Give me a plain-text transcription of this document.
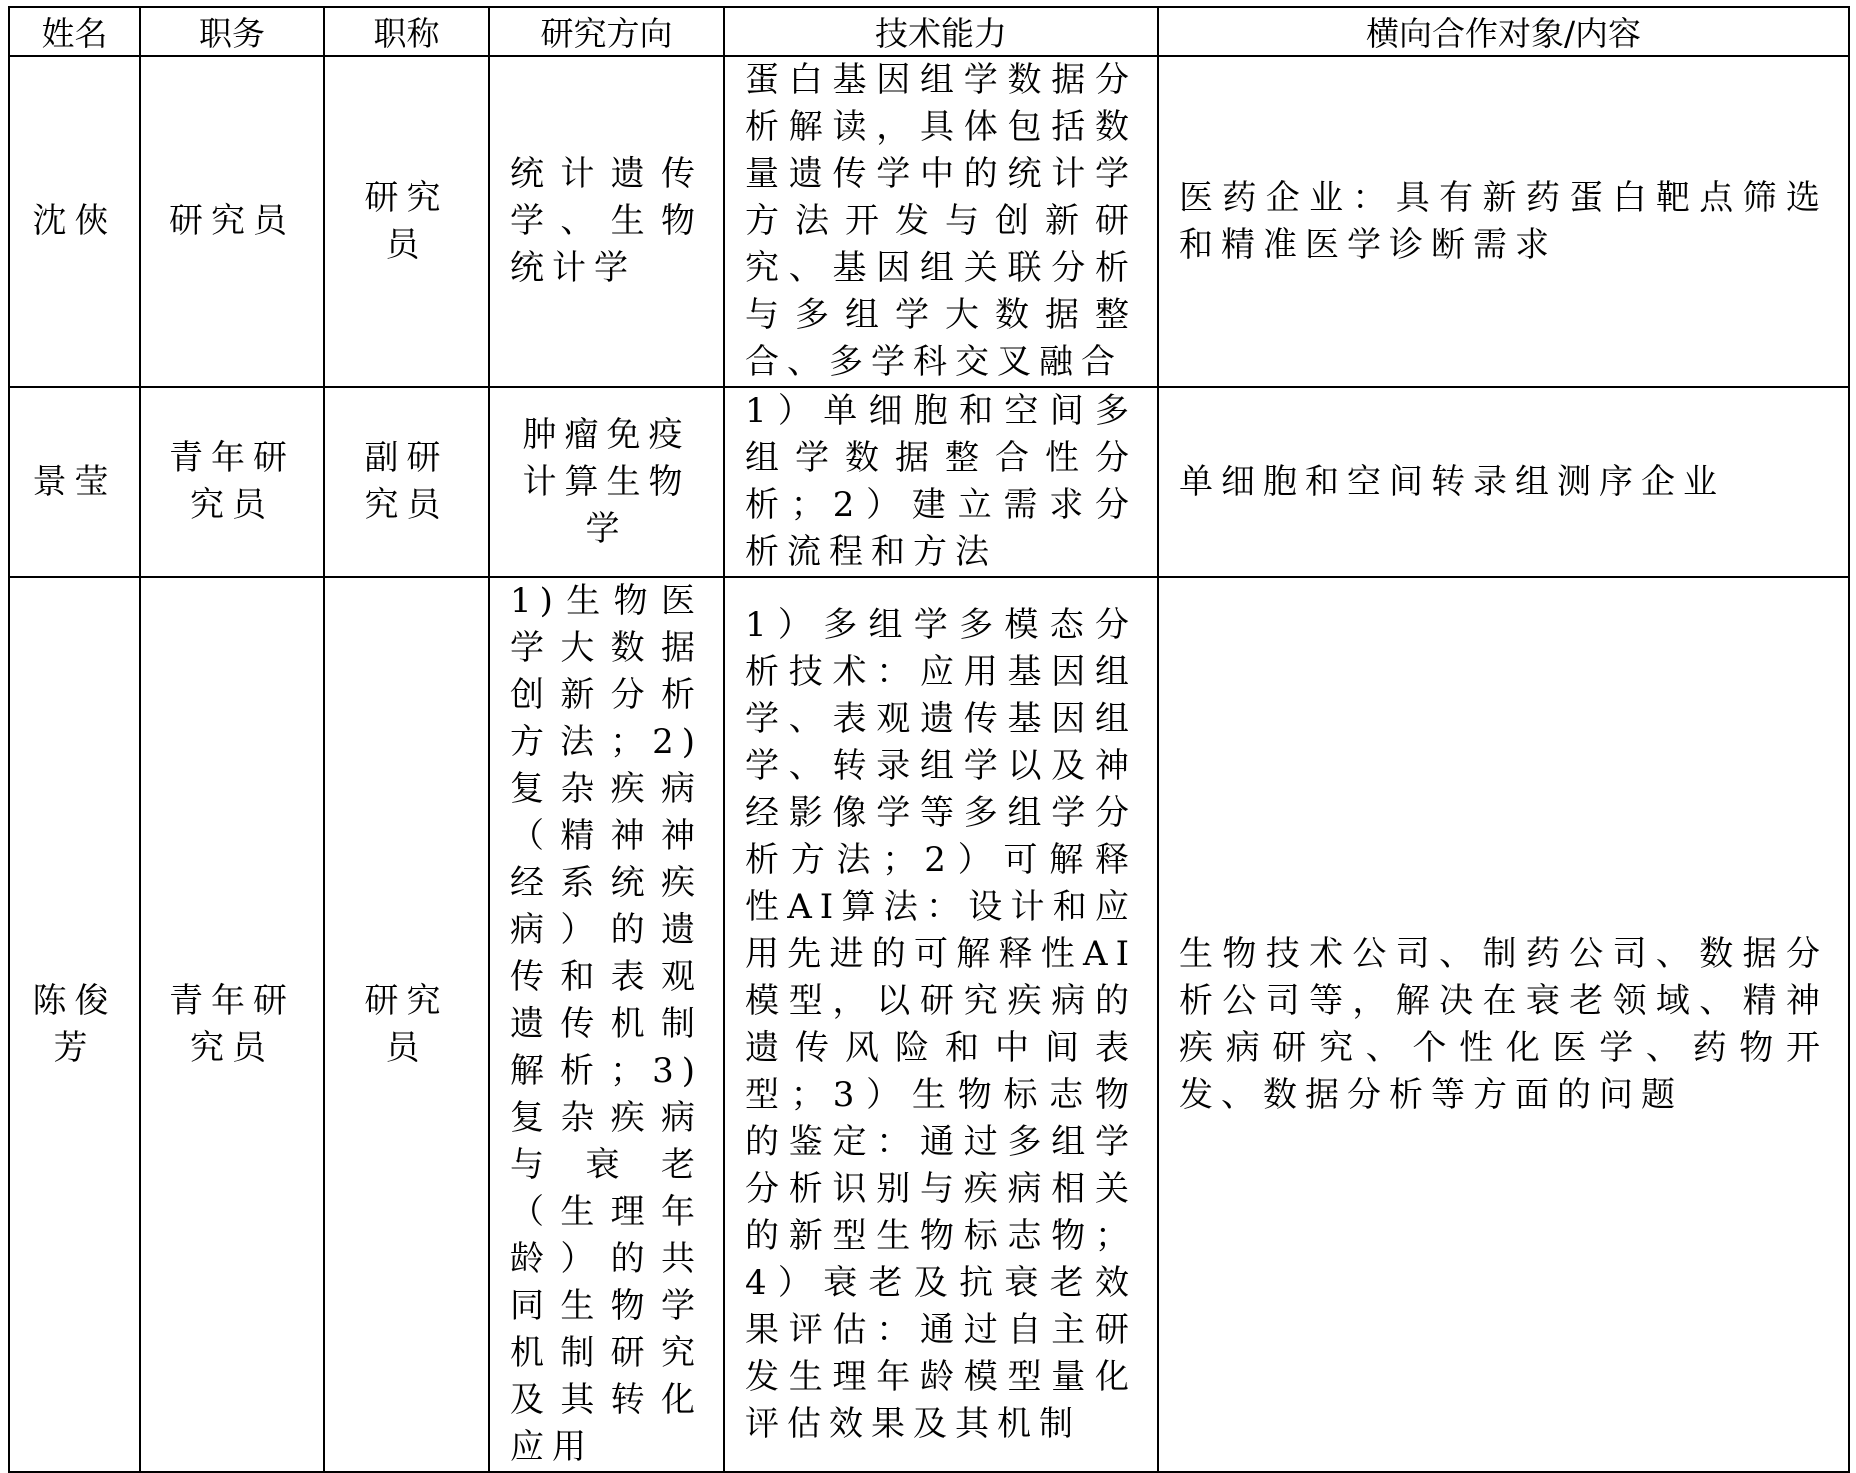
姓名	职务	职称	研究方向	技术能力	横向合作对象/内容
沈俠	研究员	研究员	统计遗传学、生物统计学	蛋白基因组学数据分析解读，具体包括数量遗传学中的统计学方法开发与创新研究、基因组关联分析与多组学大数据整合、多学科交叉融合	医药企业：具有新药蛋白靶点筛选和精准医学诊断需求
景莹	青年研究员	副研究员	肿瘤免疫计算生物学	1）单细胞和空间多组学数据整合性分析；2）建立需求分析流程和方法	单细胞和空间转录组测序企业
陈俊芳	青年研究员	研究员	1)生物医学大数据创新分析方法；2)复杂疾病（精神神经系统疾病）的遗传和表观遗传机制解析；3)复杂疾病与衰老（生理年龄）的共同生物学机制研究及其转化应用	1）多组学多模态分析技术：应用基因组学、表观遗传基因组学、转录组学以及神经影像学等多组学分析方法；2）可解释性AI算法：设计和应用先进的可解释性AI模型，以研究疾病的遗传风险和中间表型；3）生物标志物的鉴定：通过多组学分析识别与疾病相关的新型生物标志物；4）衰老及抗衰老效果评估：通过自主研发生理年龄模型量化评估效果及其机制	生物技术公司、制药公司、数据分析公司等，解决在衰老领域、精神疾病研究、个性化医学、药物开发、数据分析等方面的问题
